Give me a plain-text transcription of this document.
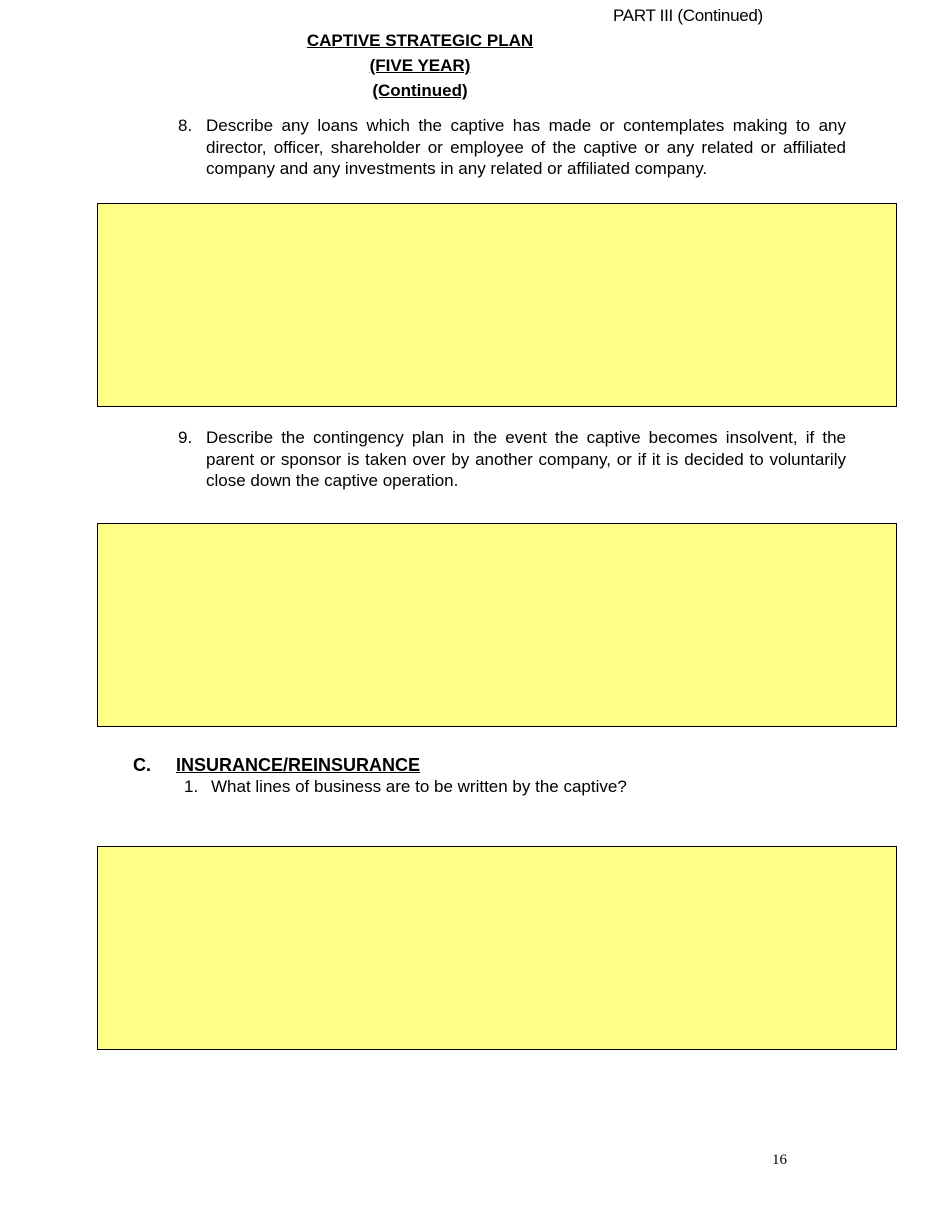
PART III (Continued)
CAPTIVE STRATEGIC PLAN
(FIVE YEAR)
(Continued)
8. Describe any loans which the captive has made or contemplates making to any director, officer, shareholder or employee of the captive or any related or affiliated company and any investments in any related or affiliated company.
9. Describe the contingency plan in the event the captive becomes insolvent, if the parent or sponsor is taken over by another company, or if it is decided to voluntarily close down the captive operation.
C. INSURANCE/REINSURANCE
1. What lines of business are to be written by the captive?
16
